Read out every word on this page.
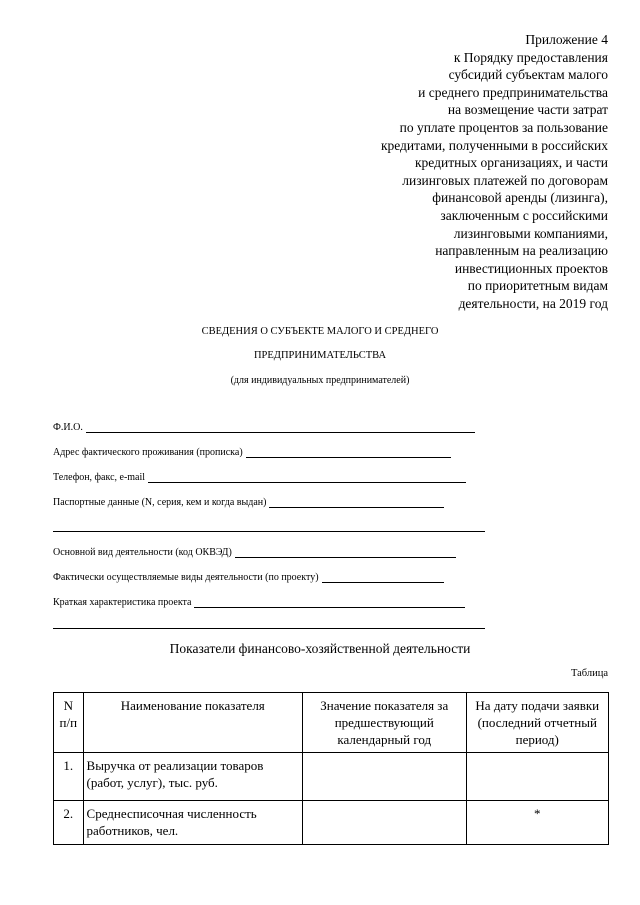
Приложение 4
к Порядку предоставления
субсидий субъектам малого
и среднего предпринимательства
на возмещение части затрат
по уплате процентов за пользование
кредитами, полученными в российских
кредитных организациях, и части
лизинговых платежей по договорам
финансовой аренды (лизинга),
заключенным с российскими
лизинговыми компаниями,
направленным на реализацию
инвестиционных проектов
по приоритетным видам
деятельности, на 2019 год
СВЕДЕНИЯ О СУБЪЕКТЕ МАЛОГО И СРЕДНЕГО
ПРЕДПРИНИМАТЕЛЬСТВА
(для индивидуальных предпринимателей)
Ф.И.О.
Адрес фактического проживания (прописка)
Телефон, факс, e-mail
Паспортные данные (N, серия, кем и когда выдан)
Основной вид деятельности (код ОКВЭД)
Фактически осуществляемые виды деятельности (по проекту)
Краткая характеристика проекта
Показатели финансово-хозяйственной деятельности
Таблица
N п/п	Наименование показателя	Значение показателя за предшествующий календарный год	На дату подачи заявки (последний отчетный период)
1.	Выручка от реализации товаров (работ, услуг), тыс. руб.		
2.	Среднесписочная численность работников, чел.		*
